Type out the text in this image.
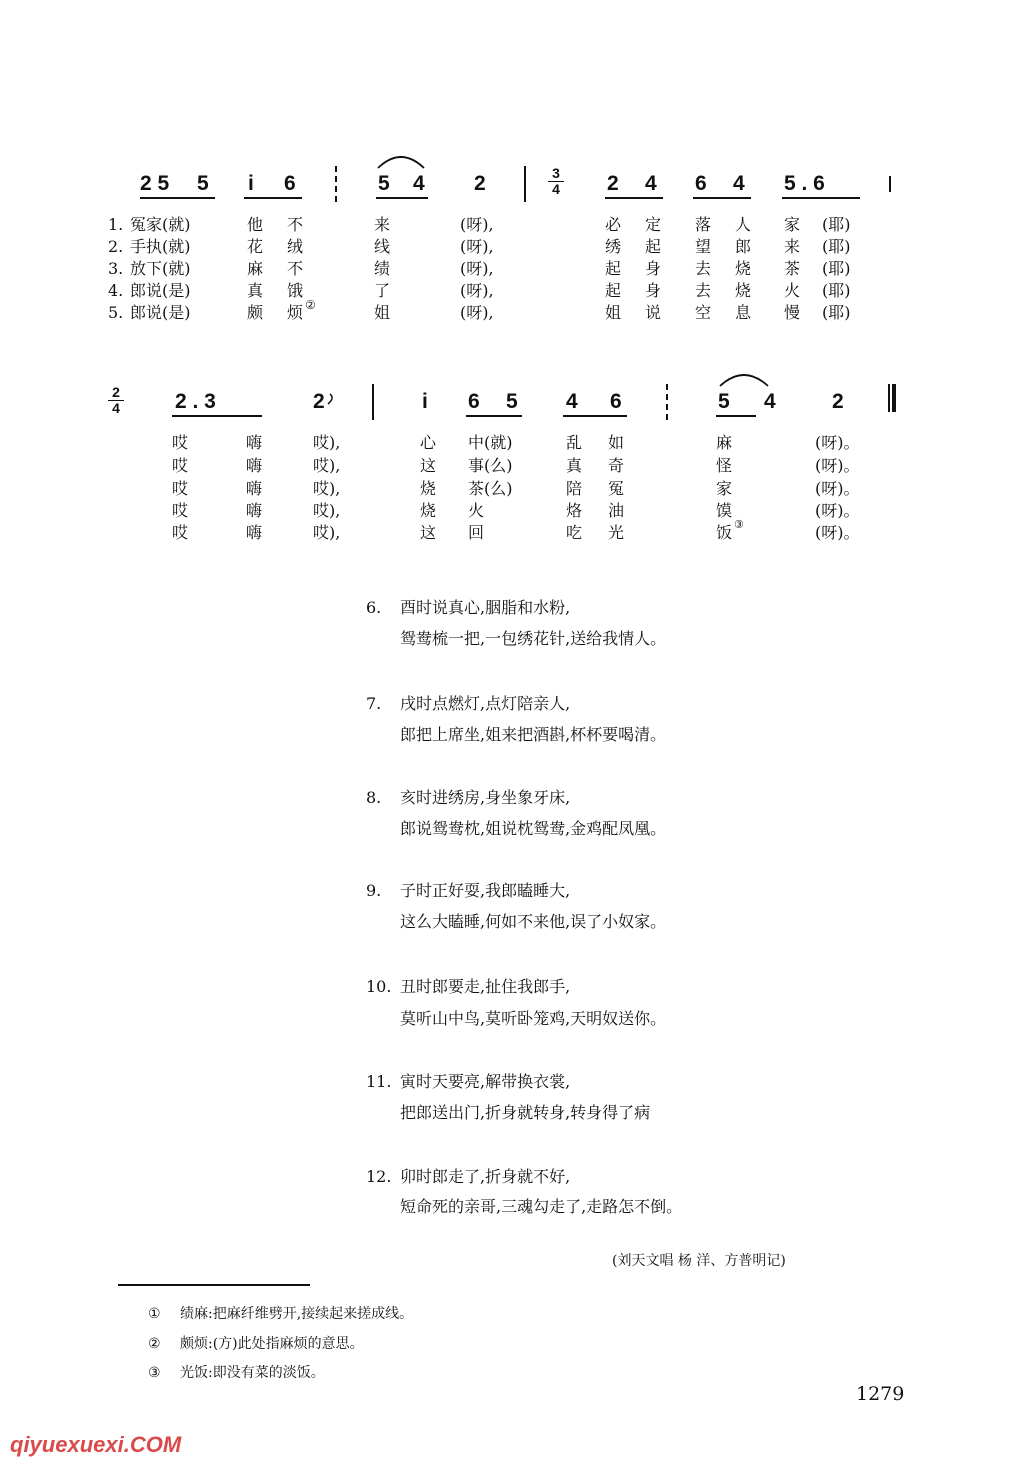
2 5 5 i 6	5 4 2	3
4 2 4 6 4 5 . 6
1. 冤家(就)	他 不	来	(呀),	必 定 落 人 家 (耶)
2. 手执(就)	花 绒	线	(呀),	绣 起 望 郎 来 (耶)
3. 放下(就)	麻 不	绩	(呀),	起 身 去 烧 茶 (耶)
4. 郎说(是)	真 饿	了	(呀),	起 身 去 烧 火 (耶)
5. 郎说(是)	颇 烦 ②	姐	(呀),	姐 说 空 息 慢 (耶)
2
4	2 . 3	2	i 6 5 4 6	5 4	2
哎	嗨	哎),	心 中(就)	乱 如	麻	(呀)。
哎	嗨	哎),	这 事(么)	真 奇	怪	(呀)。
哎	嗨	哎),	烧 茶(么)	陪 冤	家	(呀)。
哎	嗨	哎),	烧 火	烙 油	馍	(呀)。
哎	嗨	哎),	这 回	吃 光	饭 ③	(呀)。
6. 酉时说真心,胭脂和水粉,
鸳鸯梳一把,一包绣花针,送给我情人。
7. 戌时点燃灯,点灯陪亲人,
郎把上席坐,姐来把酒斟,杯杯要喝清。
8. 亥时进绣房,身坐象牙床,
郎说鸳鸯枕,姐说枕鸳鸯,金鸡配凤凰。
9. 子时正好耍,我郎瞌睡大,
这么大瞌睡,何如不来他,误了小奴家。
10. 丑时郎要走,扯住我郎手,
莫听山中鸟,莫听卧笼鸡,天明奴送你。
11. 寅时天要亮,解带换衣裳,
把郎送出门,折身就转身,转身得了病
12. 卯时郎走了,折身就不好,
短命死的亲哥,三魂勾走了,走路怎不倒。
(刘天文唱 杨 洋、方普明记)
① 绩麻:把麻纤维劈开,接续起来搓成线。
② 颇烦:(方)此处指麻烦的意思。
③ 光饭:即没有菜的淡饭。
1279
qiyuexuexi.COM
